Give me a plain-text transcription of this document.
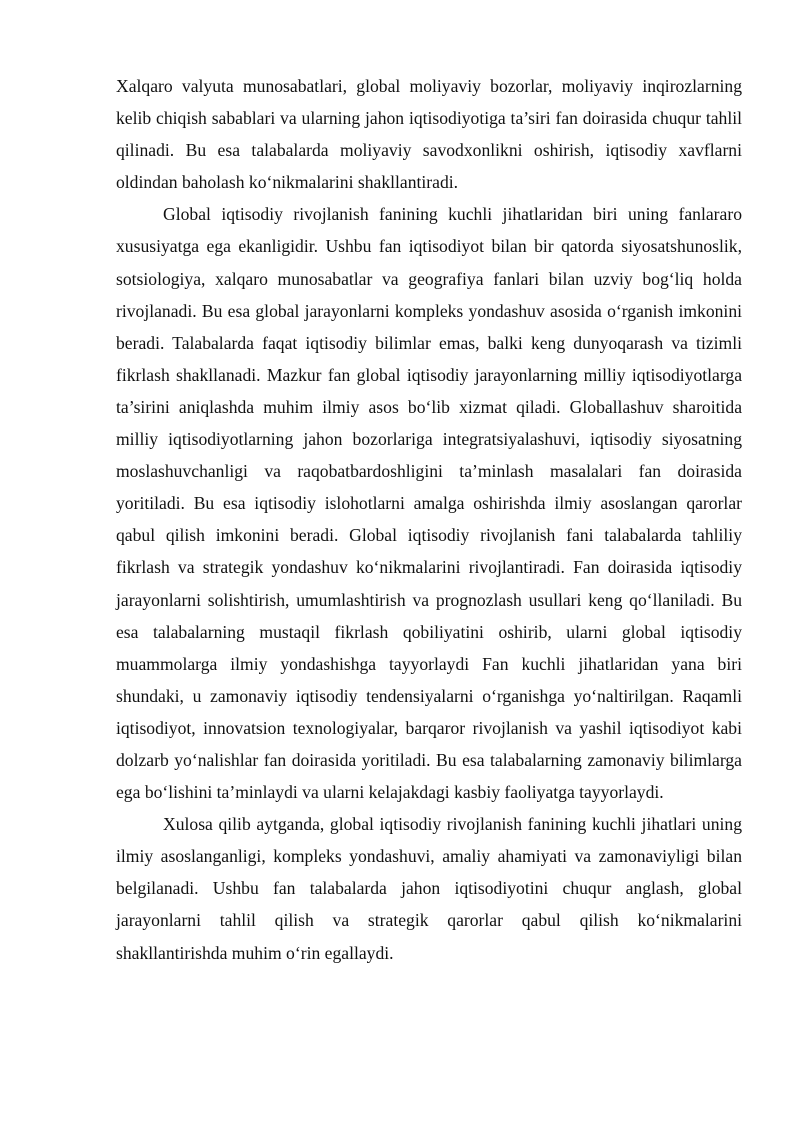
Xalqaro valyuta munosabatlari, global moliyaviy bozorlar, moliyaviy inqirozlarning kelib chiqish sabablari va ularning jahon iqtisodiyotiga ta’siri fan doirasida chuqur tahlil qilinadi. Bu esa talabalarda moliyaviy savodxonlikni oshirish, iqtisodiy xavflarni oldindan baholash ko‘nikmalarini shakllantiradi.

Global iqtisodiy rivojlanish fanining kuchli jihatlaridan biri uning fanlararo xususiyatga ega ekanligidir. Ushbu fan iqtisodiyot bilan bir qatorda siyosatshunoslik, sotsiologiya, xalqaro munosabatlar va geografiya fanlari bilan uzviy bog‘liq holda rivojlanadi. Bu esa global jarayonlarni kompleks yondashuv asosida o‘rganish imkonini beradi. Talabalarda faqat iqtisodiy bilimlar emas, balki keng dunyoqarash va tizimli fikrlash shakllanadi. Mazkur fan global iqtisodiy jarayonlarning milliy iqtisodiyotlarga ta’sirini aniqlashda muhim ilmiy asos bo‘lib xizmat qiladi. Globallashuv sharoitida milliy iqtisodiyotlarning jahon bozorlariga integratsiyalashuvi, iqtisodiy siyosatning moslashuvchanligi va raqobatbardoshligini ta’minlash masalalari fan doirasida yoritiladi. Bu esa iqtisodiy islohotlarni amalga oshirishda ilmiy asoslangan qarorlar qabul qilish imkonini beradi. Global iqtisodiy rivojlanish fani talabalarda tahliliy fikrlash va strategik yondashuv ko‘nikmalarini rivojlantiradi. Fan doirasida iqtisodiy jarayonlarni solishtirish, umumlashtirish va prognozlash usullari keng qo‘llaniladi. Bu esa talabalarning mustaqil fikrlash qobiliyatini oshirib, ularni global iqtisodiy muammolarga ilmiy yondashishga tayyorlaydi Fan kuchli jihatlaridan yana biri shundaki, u zamonaviy iqtisodiy tendensiyalarni o‘rganishga yo‘naltirilgan. Raqamli iqtisodiyot, innovatsion texnologiyalar, barqaror rivojlanish va yashil iqtisodiyot kabi dolzarb yo‘nalishlar fan doirasida yoritiladi. Bu esa talabalarning zamonaviy bilimlarga ega bo‘lishini ta’minlaydi va ularni kelajakdagi kasbiy faoliyatga tayyorlaydi.

Xulosa qilib aytganda, global iqtisodiy rivojlanish fanining kuchli jihatlari uning ilmiy asoslanganligi, kompleks yondashuvi, amaliy ahamiyati va zamonaviyligi bilan belgilanadi. Ushbu fan talabalarda jahon iqtisodiyotini chuqur anglash, global jarayonlarni tahlil qilish va strategik qarorlar qabul qilish ko‘nikmalarini shakllantirishda muhim o‘rin egallaydi.
